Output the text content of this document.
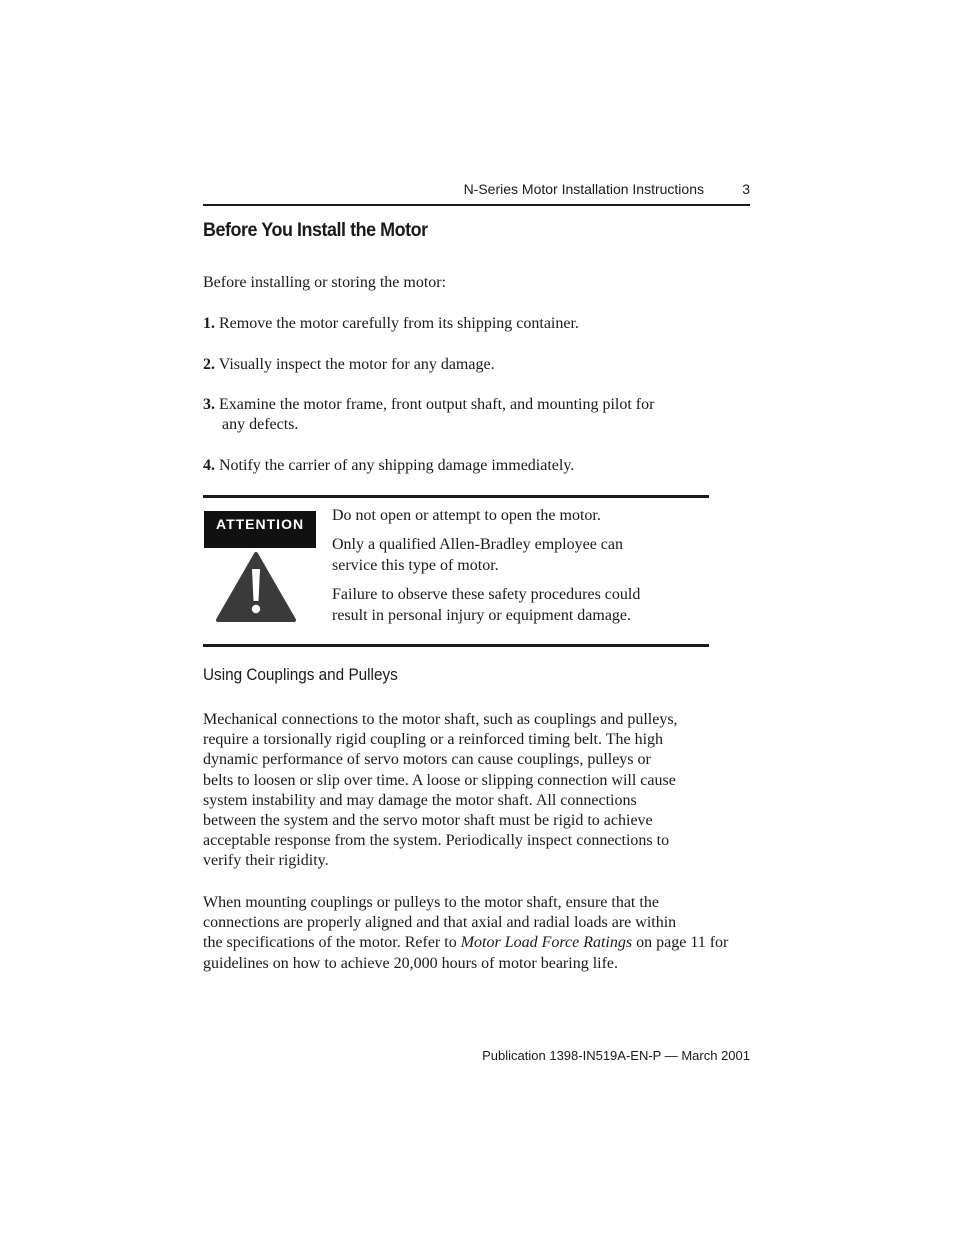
N-Series Motor Installation Instructions	3
Before You Install the Motor

Before installing or storing the motor:

1. Remove the motor carefully from its shipping container.

2. Visually inspect the motor for any damage.

3. Examine the motor frame, front output shaft, and mounting pilot for
any defects.

4. Notify the carrier of any shipping damage immediately.

ATTENTION	Do not open or attempt to open the motor.

Only a qualified Allen-Bradley employee can
service this type of motor.

Failure to observe these safety procedures could
result in personal injury or equipment damage.

Using Couplings and Pulleys
Mechanical connections to the motor shaft, such as couplings and pulleys,
require a torsionally rigid coupling or a reinforced timing belt. The high
dynamic performance of servo motors can cause couplings, pulleys or
belts to loosen or slip over time. A loose or slipping connection will cause
system instability and may damage the motor shaft. All connections
between the system and the servo motor shaft must be rigid to achieve
acceptable response from the system. Periodically inspect connections to
verify their rigidity.
When mounting couplings or pulleys to the motor shaft, ensure that the
connections are properly aligned and that axial and radial loads are within
the specifications of the motor. Refer to Motor Load Force Ratings on page 11 for
guidelines on how to achieve 20,000 hours of motor bearing life.
Publication 1398-IN519A-EN-P — March 2001
